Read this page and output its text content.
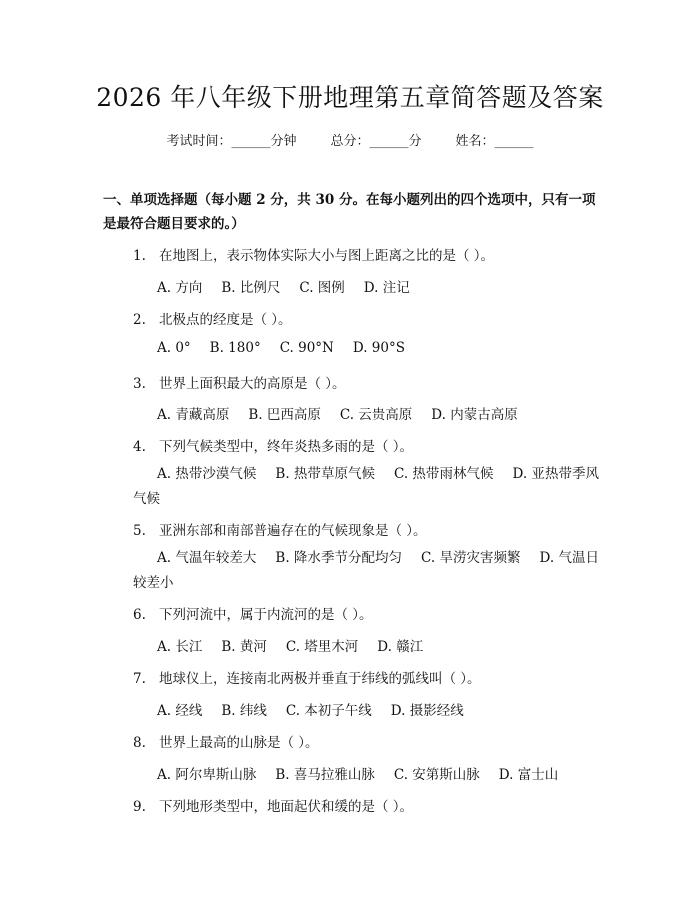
2026 年八年级下册地理第五章简答题及答案
考试时间：______分钟	总分：______分	姓名：______
一、单项选择题（每小题 2 分，共 30 分。在每小题列出的四个选项中，只有一项是最符合题目要求的。）
1. 在地图上，表示物体实际大小与图上距离之比的是（ ）。
A. 方向 B. 比例尺 C. 图例 D. 注记
2. 北极点的经度是（ ）。
A. 0° B. 180° C. 90°N D. 90°S
3. 世界上面积最大的高原是（ ）。
A. 青藏高原 B. 巴西高原 C. 云贵高原 D. 内蒙古高原
4. 下列气候类型中，终年炎热多雨的是（ ）。
A. 热带沙漠气候 B. 热带草原气候 C. 热带雨林气候 D. 亚热带季风气候
5. 亚洲东部和南部普遍存在的气候现象是（ ）。
A. 气温年较差大 B. 降水季节分配均匀 C. 旱涝灾害频繁 D. 气温日较差小
6. 下列河流中，属于内流河的是（ ）。
A. 长江 B. 黄河 C. 塔里木河 D. 赣江
7. 地球仪上，连接南北两极并垂直于纬线的弧线叫（ ）。
A. 经线 B. 纬线 C. 本初子午线 D. 摄影经线
8. 世界上最高的山脉是（ ）。
A. 阿尔卑斯山脉 B. 喜马拉雅山脉 C. 安第斯山脉 D. 富士山
9. 下列地形类型中，地面起伏和缓的是（ ）。
